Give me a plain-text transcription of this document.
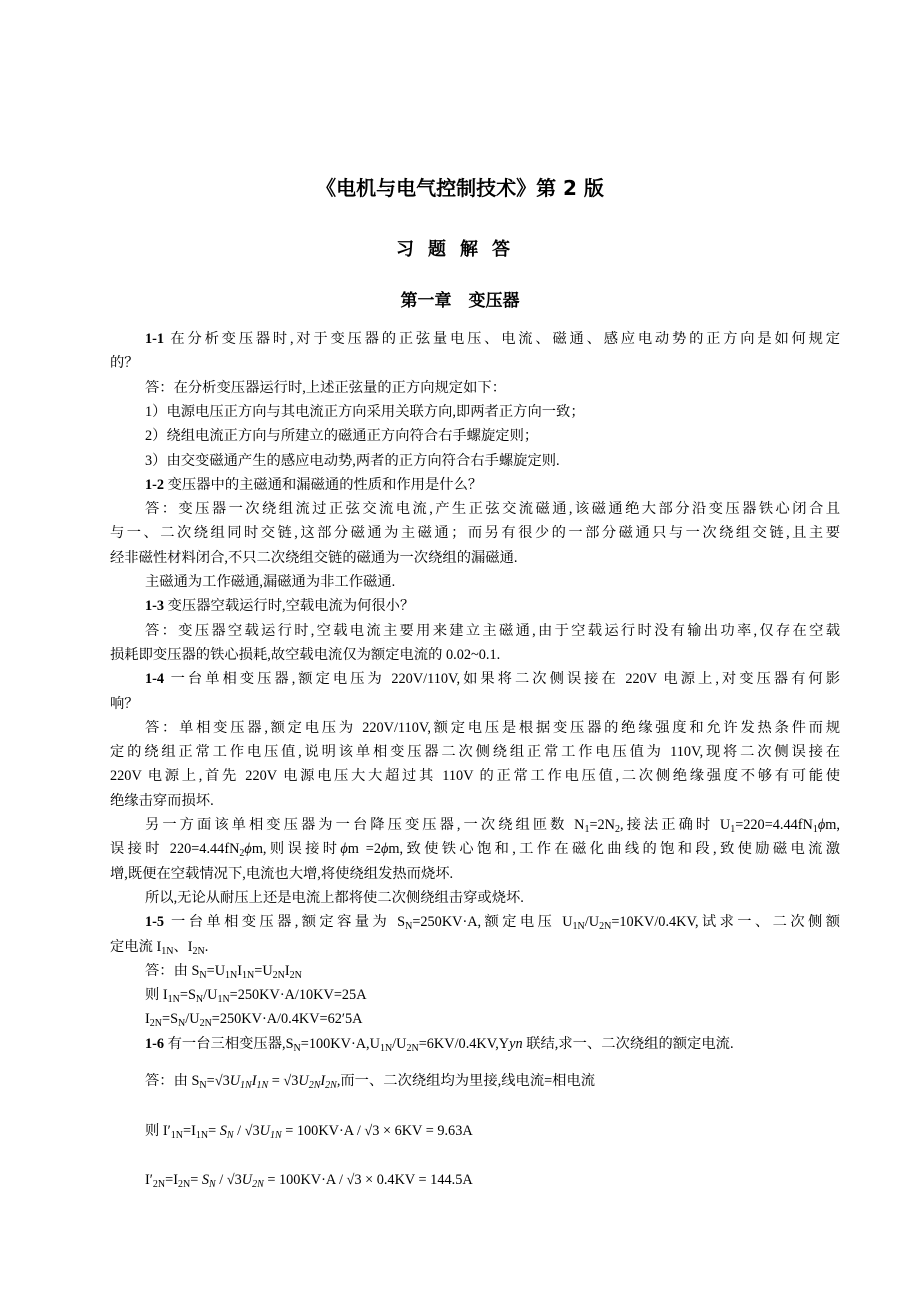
《电机与电气控制技术》第 2 版
习题解答
第一章　变压器
1-1 在分析变压器时,对于变压器的正弦量电压、电流、磁通、感应电动势的正方向是如何规定
的？
答：在分析变压器运行时,上述正弦量的正方向规定如下：
1）电源电压正方向与其电流正方向采用关联方向,即两者正方向一致；
2）绕组电流正方向与所建立的磁通正方向符合右手螺旋定则；
3）由交变磁通产生的感应电动势,两者的正方向符合右手螺旋定则.
1-2 变压器中的主磁通和漏磁通的性质和作用是什么？
答：变压器一次绕组流过正弦交流电流,产生正弦交流磁通,该磁通绝大部分沿变压器铁心闭合且
与一、二次绕组同时交链,这部分磁通为主磁通；而另有很少的一部分磁通只与一次绕组交链,且主要
经非磁性材料闭合,不只二次绕组交链的磁通为一次绕组的漏磁通.
主磁通为工作磁通,漏磁通为非工作磁通.
1-3 变压器空载运行时,空载电流为何很小？
答：变压器空载运行时,空载电流主要用来建立主磁通,由于空载运行时没有输出功率,仅存在空载
损耗即变压器的铁心损耗,故空载电流仅为额定电流的 0.02~0.1.
1-4 一台单相变压器,额定电压为 220V/110V,如果将二次侧误接在 220V 电源上,对变压器有何影
响？
答：单相变压器,额定电压为 220V/110V,额定电压是根据变压器的绝缘强度和允许发热条件而规
定的绕组正常工作电压值,说明该单相变压器二次侧绕组正常工作电压值为 110V,现将二次侧误接在
220V 电源上,首先 220V 电源电压大大超过其 110V 的正常工作电压值,二次侧绝缘强度不够有可能使
绝缘击穿而损坏.
另一方面该单相变压器为一台降压变压器,一次绕组匝数 $N_1=2N_2$,接法正确时 $U_1=220=4.44fN_1\phi m$,
误接时 $220=4.44fN_2\phi m$,则误接时ϕm =2ϕm,致使铁心饱和,工作在磁化曲线的饱和段,致使励磁电流激
增,既便在空载情况下,电流也大增,将使绕组发热而烧坏.
所以,无论从耐压上还是电流上都将使二次侧绕组击穿或烧坏.
1-5 一台单相变压器,额定容量为 $S_N=250KV\cdot A$,额定电压 $U_{1N}/U_{2N}=10KV/0.4KV$,试求一、二次侧额
定电流 $I_{1N}$、$I_{2N}$.
答：由 $S_N=U_{1N}I_{1N}=U_{2N}I_{2N}$
则 $I_{1N}=S_N/U_{1N}=250KV\cdot A/10KV=25A$
$I_{2N}=S_N/U_{2N}=250KV\cdot A/0.4KV=62'5A$
1-6 有一台三相变压器$,S_N=100KV\cdot A,U_{1N}/U_{2N}=6KV/0.4KV,Yyn$ 联结,求一、二次绕组的额定电流.
答：由 $S_N=√3U_{1N}I_{1N} = √3U_{2N}I_{2N}$,而一、二次绕组均为里接,线电流=相电流
则 $I'_{1N}=I_{1N}= S_N / √3U_{1N} = 100KV\cdot A / √3 \times 6KV = 9.63A$
$I'_{2N}=I_{2N}= S_N / √3U_{2N} = 100KV\cdot A / √3 \times 0.4KV = 144.5A$
